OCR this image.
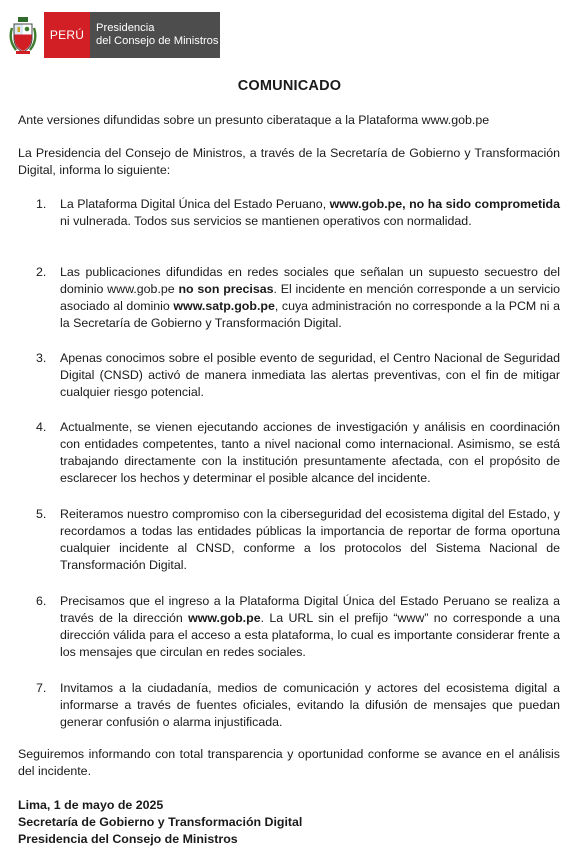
PERÚ Presidencia
del Consejo de Ministros
COMUNICADO
Ante versiones difundidas sobre un presunto ciberataque a la Plataforma www.gob.pe
La Presidencia del Consejo de Ministros, a través de la Secretaría de Gobierno y Transformación Digital, informa lo siguiente:
1. La Plataforma Digital Única del Estado Peruano, www.gob.pe, no ha sido comprometida ni vulnerada. Todos sus servicios se mantienen operativos con normalidad.
2. Las publicaciones difundidas en redes sociales que señalan un supuesto secuestro del dominio www.gob.pe no son precisas. El incidente en mención corresponde a un servicio asociado al dominio www.satp.gob.pe, cuya administración no corresponde a la PCM ni a la Secretaría de Gobierno y Transformación Digital.
3. Apenas conocimos sobre el posible evento de seguridad, el Centro Nacional de Seguridad Digital (CNSD) activó de manera inmediata las alertas preventivas, con el fin de mitigar cualquier riesgo potencial.
4. Actualmente, se vienen ejecutando acciones de investigación y análisis en coordinación con entidades competentes, tanto a nivel nacional como internacional. Asimismo, se está trabajando directamente con la institución presuntamente afectada, con el propósito de esclarecer los hechos y determinar el posible alcance del incidente.
5. Reiteramos nuestro compromiso con la ciberseguridad del ecosistema digital del Estado, y recordamos a todas las entidades públicas la importancia de reportar de forma oportuna cualquier incidente al CNSD, conforme a los protocolos del Sistema Nacional de Transformación Digital.
6. Precisamos que el ingreso a la Plataforma Digital Única del Estado Peruano se realiza a través de la dirección www.gob.pe. La URL sin el prefijo “www” no corresponde a una dirección válida para el acceso a esta plataforma, lo cual es importante considerar frente a los mensajes que circulan en redes sociales.
7. Invitamos a la ciudadanía, medios de comunicación y actores del ecosistema digital a informarse a través de fuentes oficiales, evitando la difusión de mensajes que puedan generar confusión o alarma injustificada.
Seguiremos informando con total transparencia y oportunidad conforme se avance en el análisis del incidente.
Lima, 1 de mayo de 2025
Secretaría de Gobierno y Transformación Digital
Presidencia del Consejo de Ministros
